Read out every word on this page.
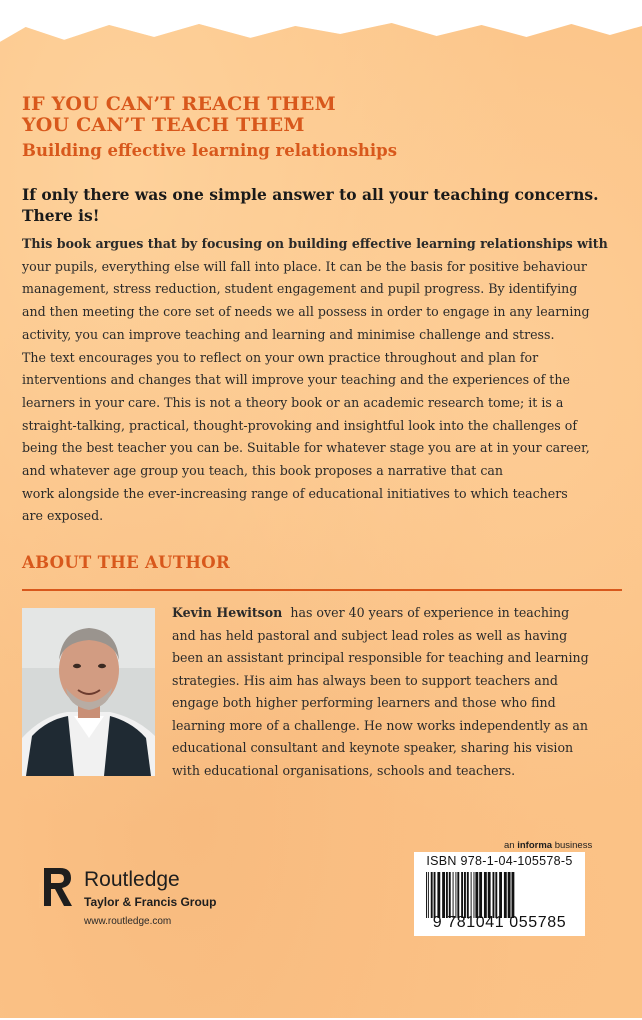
IF YOU CAN’T REACH THEM
YOU CAN’T TEACH THEM
Building effective learning relationships
If only there was one simple answer to all your teaching concerns.
There is!
This book argues that by focusing on building effective learning relationships with
your pupils, everything else will fall into place. It can be the basis for positive behaviour
management, stress reduction, student engagement and pupil progress. By identifying
and then meeting the core set of needs we all possess in order to engage in any learning
activity, you can improve teaching and learning and minimise challenge and stress.
The text encourages you to reflect on your own practice throughout and plan for
interventions and changes that will improve your teaching and the experiences of the
learners in your care. This is not a theory book or an academic research tome; it is a
straight-talking, practical, thought-provoking and insightful look into the challenges of
being the best teacher you can be. Suitable for whatever stage you are at in your career,
and whatever age group you teach, this book proposes a narrative that can
work alongside the ever-increasing range of educational initiatives to which teachers
are exposed.
ABOUT THE AUTHOR
Kevin Hewitson has over 40 years of experience in teaching
and has held pastoral and subject lead roles as well as having
been an assistant principal responsible for teaching and learning
strategies. His aim has always been to support teachers and
engage both higher performing learners and those who find
learning more of a challenge. He now works independently as an
educational consultant and keynote speaker, sharing his vision
with educational organisations, schools and teachers.
ROUTLEDGE
Routledge
Taylor & Francis Group
www.routledge.com
an informa business
ISBN 978-1-04-105578-5
9 781041 055785
